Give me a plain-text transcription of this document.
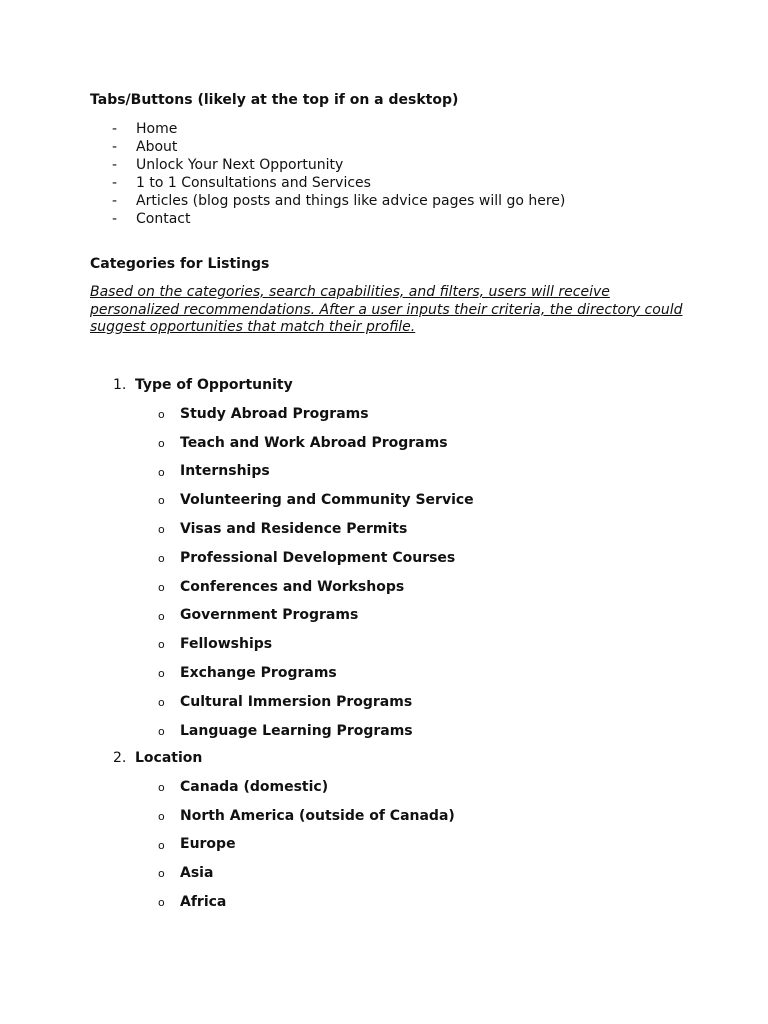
Tabs/Buttons (likely at the top if on a desktop)
- Home
- About
- Unlock Your Next Opportunity
- 1 to 1 Consultations and Services
- Articles (blog posts and things like advice pages will go here)
- Contact
Categories for Listings

Based on the categories, search capabilities, and filters, users will receive
personalized recommendations. After a user inputs their criteria, the directory could
suggest opportunities that match their profile.

1. Type of Opportunity
o Study Abroad Programs
o Teach and Work Abroad Programs
o Internships
o Volunteering and Community Service
o Visas and Residence Permits
o Professional Development Courses
o Conferences and Workshops
o Government Programs
o Fellowships
o Exchange Programs
o Cultural Immersion Programs
o Language Learning Programs
2. Location
o Canada (domestic)
o North America (outside of Canada)
o Europe
o Asia
o Africa
